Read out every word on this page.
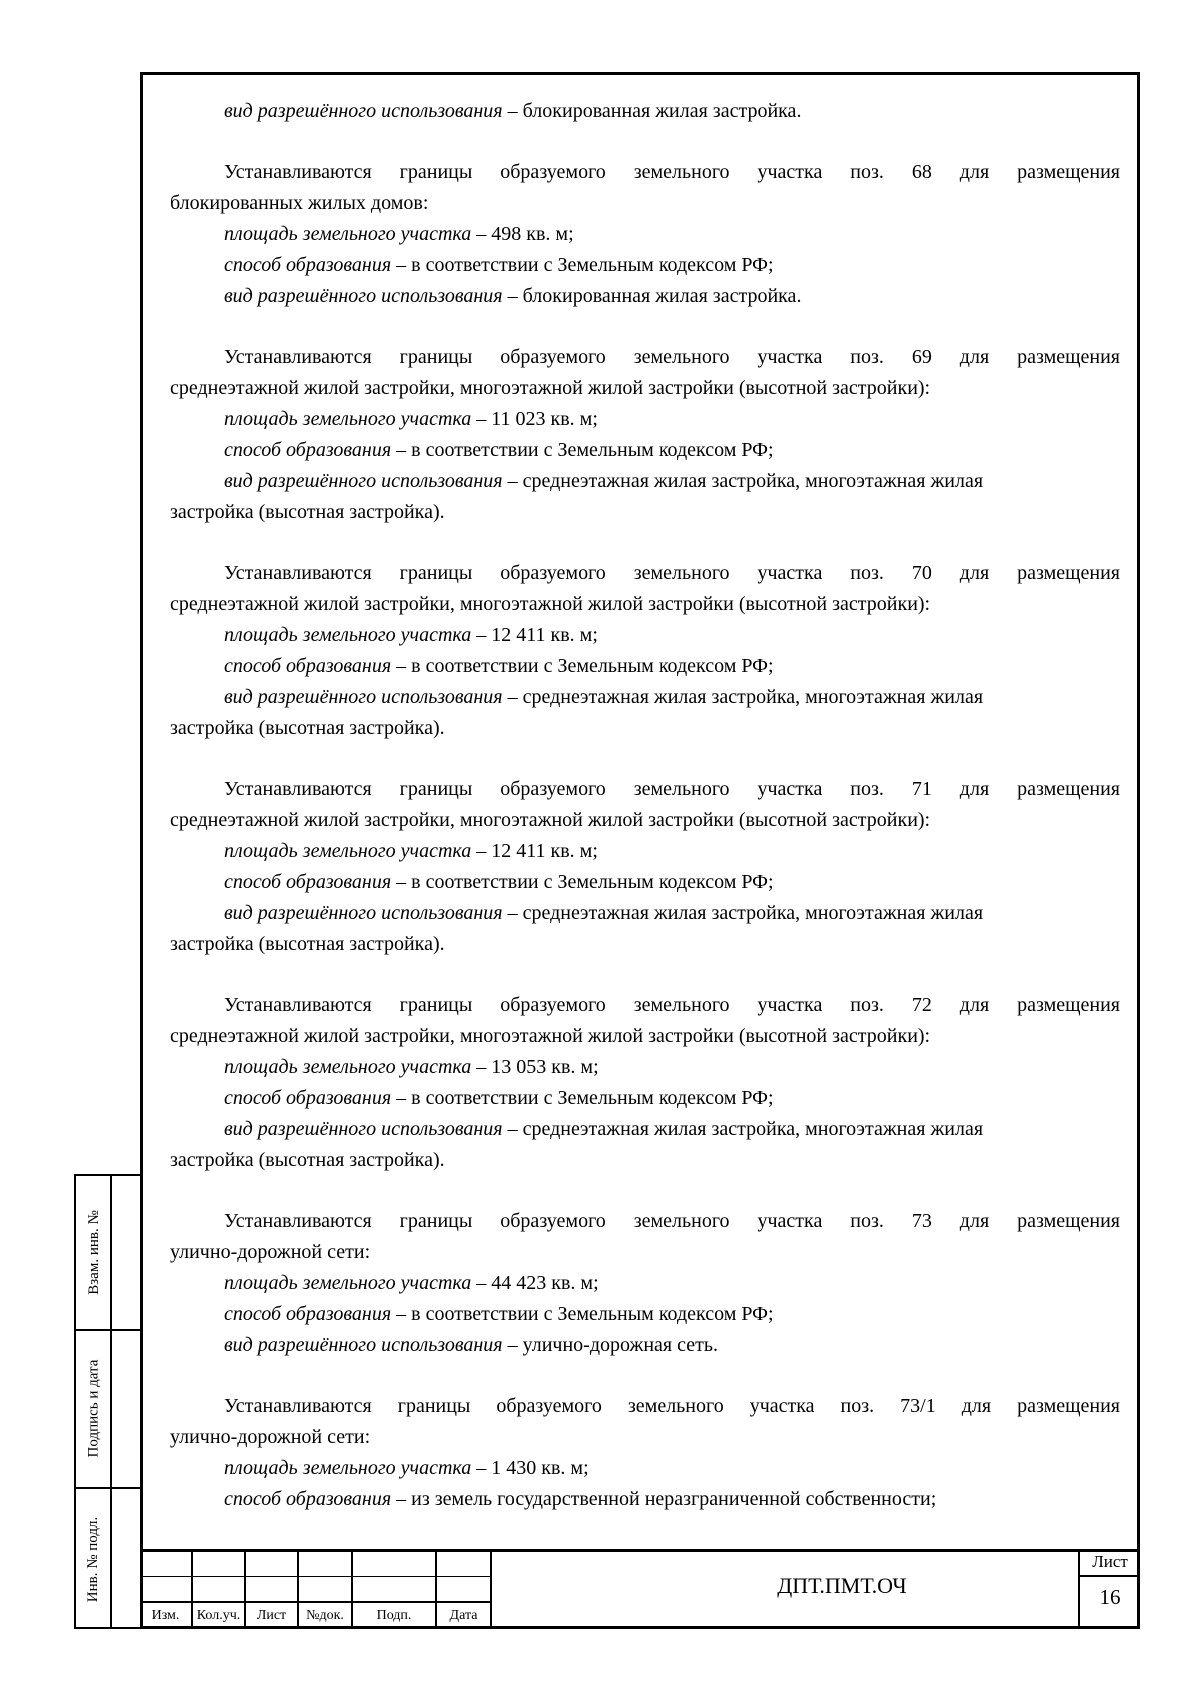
вид разрешённого использования – блокированная жилая застройка.
Устанавливаются границы образуемого земельного участка поз. 68 для размещения
блокированных жилых домов:
площадь земельного участка – 498 кв. м;
способ образования – в соответствии с Земельным кодексом РФ;
вид разрешённого использования – блокированная жилая застройка.
Устанавливаются границы образуемого земельного участка поз. 69 для размещения
среднеэтажной жилой застройки, многоэтажной жилой застройки (высотной застройки):
площадь земельного участка – 11 023 кв. м;
способ образования – в соответствии с Земельным кодексом РФ;
вид разрешённого использования – среднеэтажная жилая застройка, многоэтажная жилая
застройка (высотная застройка).
Устанавливаются границы образуемого земельного участка поз. 70 для размещения
среднеэтажной жилой застройки, многоэтажной жилой застройки (высотной застройки):
площадь земельного участка – 12 411 кв. м;
способ образования – в соответствии с Земельным кодексом РФ;
вид разрешённого использования – среднеэтажная жилая застройка, многоэтажная жилая
застройка (высотная застройка).
Устанавливаются границы образуемого земельного участка поз. 71 для размещения
среднеэтажной жилой застройки, многоэтажной жилой застройки (высотной застройки):
площадь земельного участка – 12 411 кв. м;
способ образования – в соответствии с Земельным кодексом РФ;
вид разрешённого использования – среднеэтажная жилая застройка, многоэтажная жилая
застройка (высотная застройка).
Устанавливаются границы образуемого земельного участка поз. 72 для размещения
среднеэтажной жилой застройки, многоэтажной жилой застройки (высотной застройки):
площадь земельного участка – 13 053 кв. м;
способ образования – в соответствии с Земельным кодексом РФ;
вид разрешённого использования – среднеэтажная жилая застройка, многоэтажная жилая
застройка (высотная застройка).
Устанавливаются границы образуемого земельного участка поз. 73 для размещения
улично-дорожной сети:
площадь земельного участка – 44 423 кв. м;
способ образования – в соответствии с Земельным кодексом РФ;
вид разрешённого использования – улично-дорожная сеть.
Устанавливаются границы образуемого земельного участка поз. 73/1 для размещения
улично-дорожной сети:
площадь земельного участка – 1 430 кв. м;
способ образования – из земель государственной неразграниченной собственности;
Взам. инв. №
Подпись и дата
Инв. № подл.
Изм.	Кол.уч.	Лист	№док.	Подп.	Дата
ДПТ.ПМТ.ОЧ
Лист
16
